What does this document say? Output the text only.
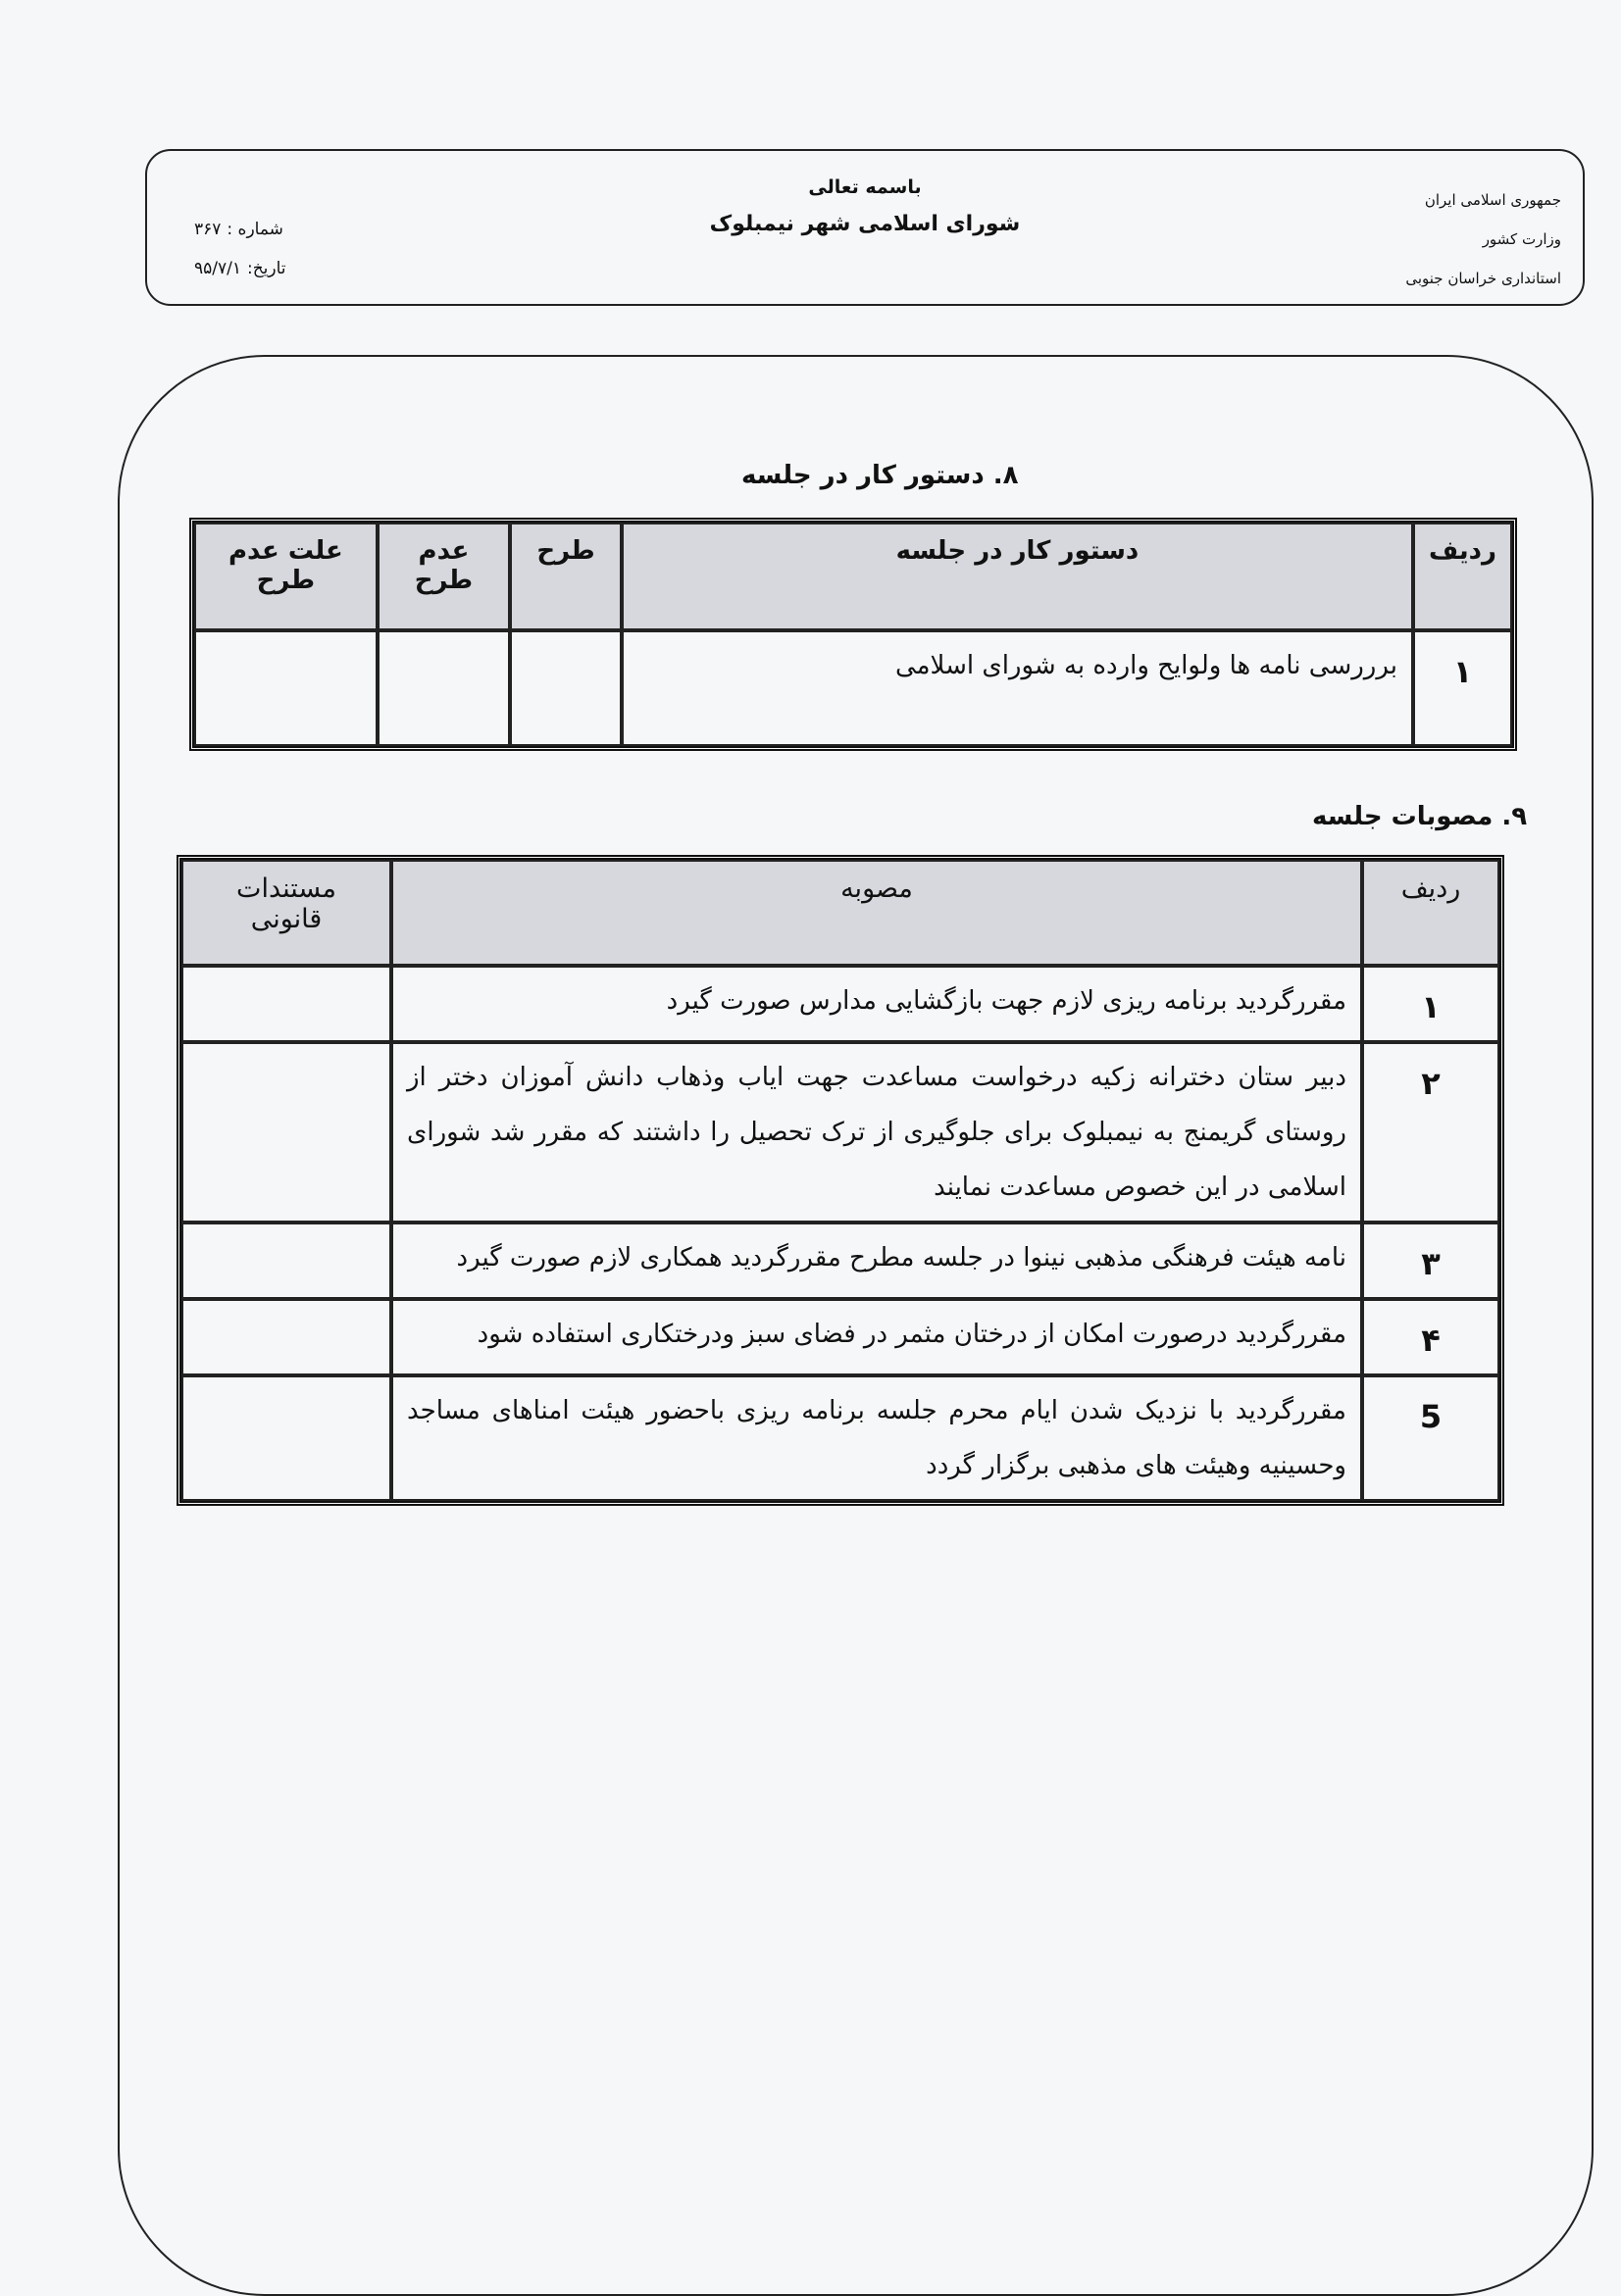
جمهوری اسلامی ایران
وزارت کشور
استانداری خراسان جنوبی
باسمه تعالی
شورای اسلامی شهر نیمبلوک
شماره :۳۶۷
تاریخ:۹۵/۷/۱
۸. دستور کار در جلسه
ردیف	دستور کار در جلسه	طرح	عدم طرح	علت عدم طرح
۱	برررسی نامه ها ولوایح وارده به شورای اسلامی			
۹. مصوبات جلسه
ردیف	مصوبه	مستندات قانونی
۱	مقررگردید برنامه ریزی لازم جهت بازگشایی مدارس صورت گیرد	
۲	دبیر ستان دخترانه زکیه درخواست مساعدت جهت ایاب وذهاب دانش آموزان دختر از روستای گریمنج به نیمبلوک برای جلوگیری از ترک تحصیل را داشتند که مقرر شد شورای اسلامی در این خصوص مساعدت نمایند	
۳	نامه هیئت فرهنگی مذهبی نینوا در جلسه مطرح مقررگردید همکاری لازم صورت گیرد	
۴	مقررگردید درصورت امکان از درختان مثمر در فضای سبز ودرختکاری استفاده شود	
5	مقررگردید با نزدیک شدن ایام محرم جلسه برنامه ریزی باحضور هیئت امناهای مساجد وحسینیه وهیئت های مذهبی برگزار گردد	
